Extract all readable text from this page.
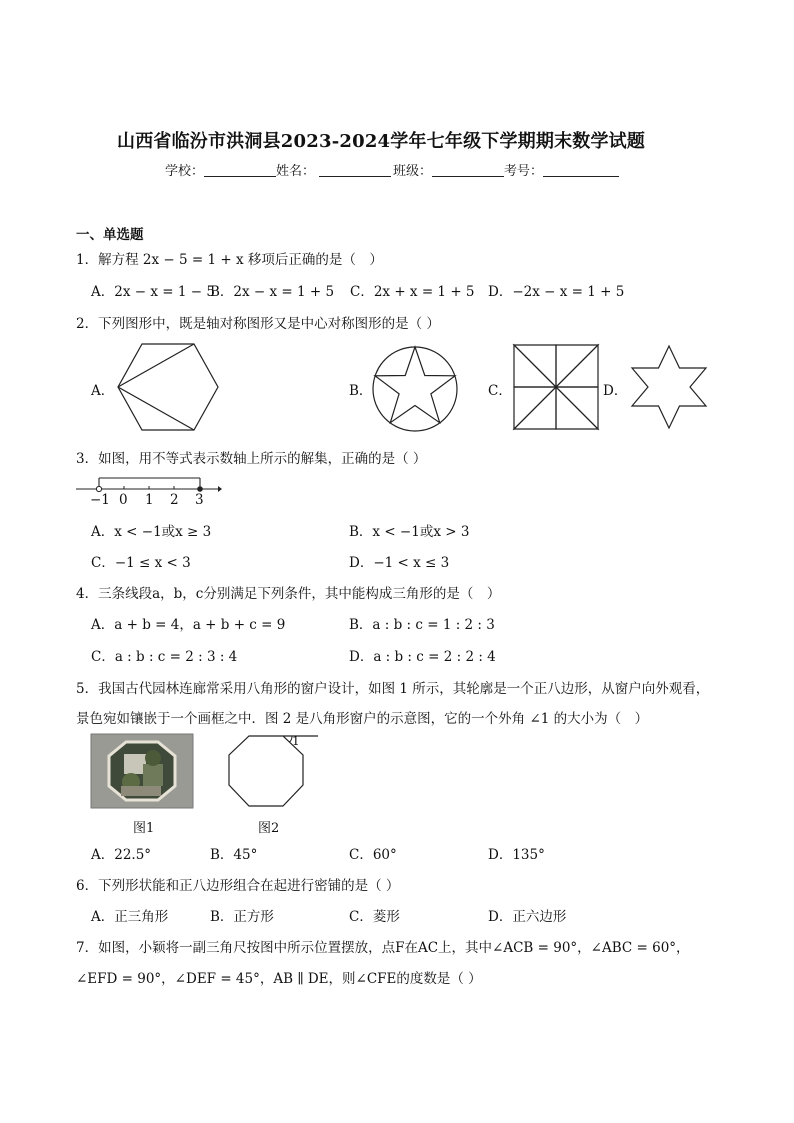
山西省临汾市洪洞县2023-2024学年七年级下学期期末数学试题
学校：	姓名：	班级：	考号：
一、单选题
1．解方程 2x − 5 = 1 + x 移项后正确的是（　）
A．2x − x = 1 − 5
B．2x − x = 1 + 5 C．2x + x = 1 + 5 D．−2x − x = 1 + 5
2．下列图形中，既是轴对称图形又是中心对称图形的是（ ）
A．	B．	C．	D．
3．如图，用不等式表示数轴上所示的解集，正确的是（ ）
−1 0 1 2 3
A．x < −1或x ≥ 3	B．x < −1或x > 3
C．−1 ≤ x < 3	D．−1 < x ≤ 3
4．三条线段a，b，c分别满足下列条件，其中能构成三角形的是（　）
A．a + b = 4，a + b + c = 9	B．a : b : c = 1 : 2 : 3
C．a : b : c = 2 : 3 : 4	D．a : b : c = 2 : 2 : 4
5．我国古代园林连廊常采用八角形的窗户设计，如图 1 所示，其轮廓是一个正八边形，从窗户向外观看，
景色宛如镶嵌于一个画框之中．图 2 是八角形窗户的示意图，它的一个外角 ∠1 的大小为（　）
图1
1
图2
A．22.5°	B．45°	C．60°	D．135°
6．下列形状能和正八边形组合在起进行密铺的是（ ）
A．正三角形	B．正方形	C．菱形	D．正六边形
7．如图，小颖将一副三角尺按图中所示位置摆放，点F在AC上，其中∠ACB = 90°，∠ABC = 60°，
∠EFD = 90°，∠DEF = 45°，AB ∥ DE，则∠CFE的度数是（ ）
